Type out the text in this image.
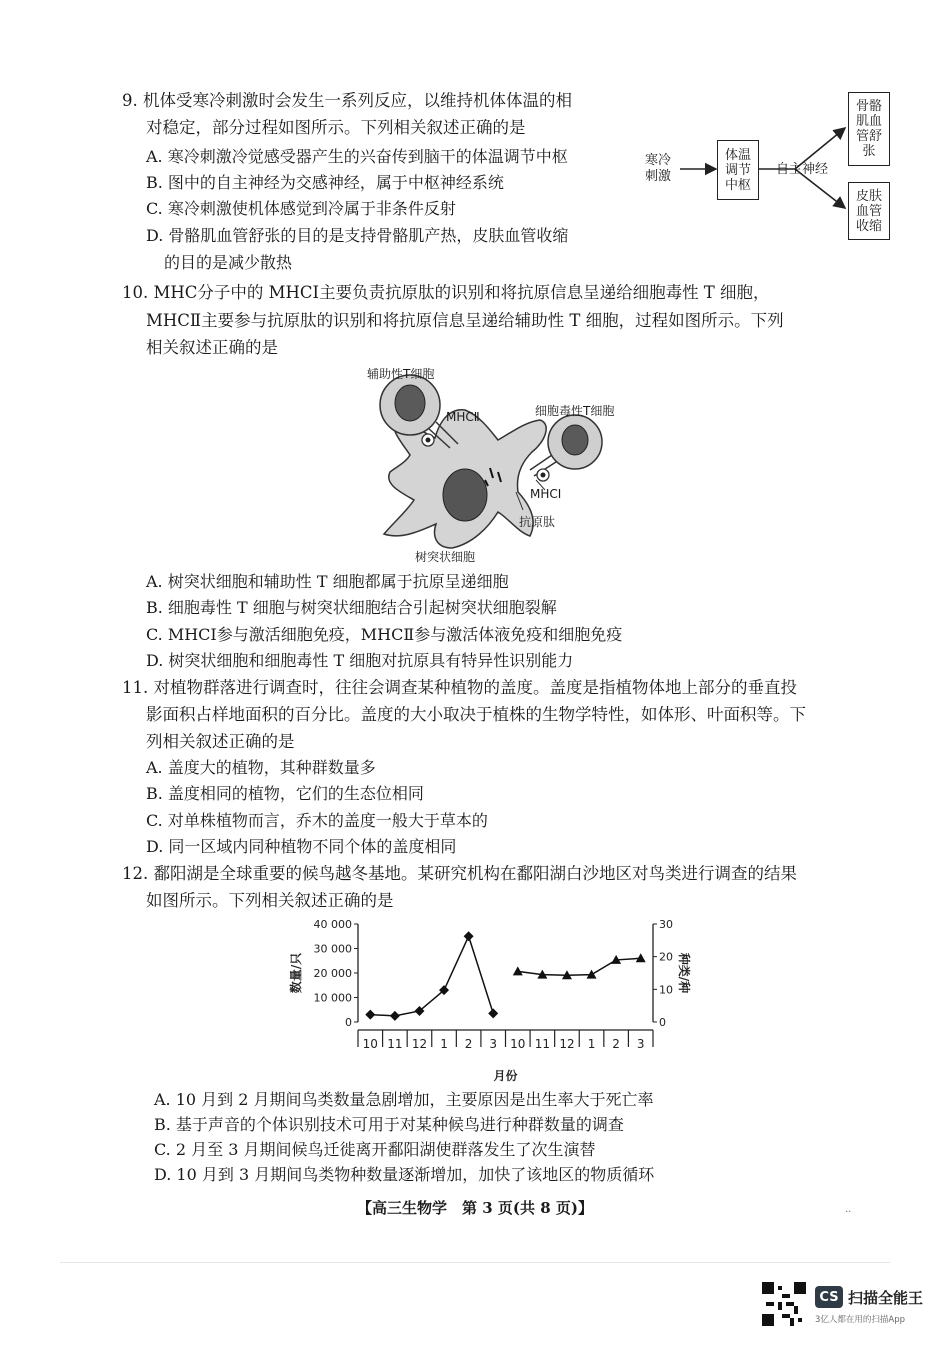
9. 机体受寒冷刺激时会发生一系列反应，以维持机体体温的相
对稳定，部分过程如图所示。下列相关叙述正确的是
A. 寒冷刺激冷觉感受器产生的兴奋传到脑干的体温调节中枢
B. 图中的自主神经为交感神经，属于中枢神经系统
C. 寒冷刺激使机体感觉到冷属于非条件反射
D. 骨骼肌血管舒张的目的是支持骨骼肌产热，皮肤血管收缩
的目的是减少散热
寒冷
刺激
体温
调节
中枢
自主神经
骨骼
肌血
管舒
张
皮肤
血管
收缩
10. MHC分子中的 MHCⅠ主要负责抗原肽的识别和将抗原信息呈递给细胞毒性 T 细胞，
MHCⅡ主要参与抗原肽的识别和将抗原信息呈递给辅助性 T 细胞，过程如图所示。下列
相关叙述正确的是
辅助性T细胞
MHCⅡ	细胞毒性T细胞
MHCⅠ
抗原肽
树突状细胞
A. 树突状细胞和辅助性 T 细胞都属于抗原呈递细胞
B. 细胞毒性 T 细胞与树突状细胞结合引起树突状细胞裂解
C. MHCⅠ参与激活细胞免疫，MHCⅡ参与激活体液免疫和细胞免疫
D. 树突状细胞和细胞毒性 T 细胞对抗原具有特异性识别能力
11. 对植物群落进行调查时，往往会调查某种植物的盖度。盖度是指植物体地上部分的垂直投
影面积占样地面积的百分比。盖度的大小取决于植株的生物学特性，如体形、叶面积等。下
列相关叙述正确的是
A. 盖度大的植物，其种群数量多
B. 盖度相同的植物，它们的生态位相同
C. 对单株植物而言，乔木的盖度一般大于草本的
D. 同一区域内同种植物不同个体的盖度相同
12. 鄱阳湖是全球重要的候鸟越冬基地。某研究机构在鄱阳湖白沙地区对鸟类进行调查的结果
如图所示。下列相关叙述正确的是
40 000
30 000
20 000
10 000
0
30
20
10
0
数量/只	种类/种
10 11 12 1 2 3 10 11 12 1 2 3
月份
A. 10 月到 2 月期间鸟类数量急剧增加，主要原因是出生率大于死亡率
B. 基于声音的个体识别技术可用于对某种候鸟进行种群数量的调查
C. 2 月至 3 月期间候鸟迁徙离开鄱阳湖使群落发生了次生演替
D. 10 月到 3 月期间鸟类物种数量逐渐增加，加快了该地区的物质循环
【高三生物学　第 3 页(共 8 页)】	··
CS 扫描全能王
3亿人都在用的扫描App
